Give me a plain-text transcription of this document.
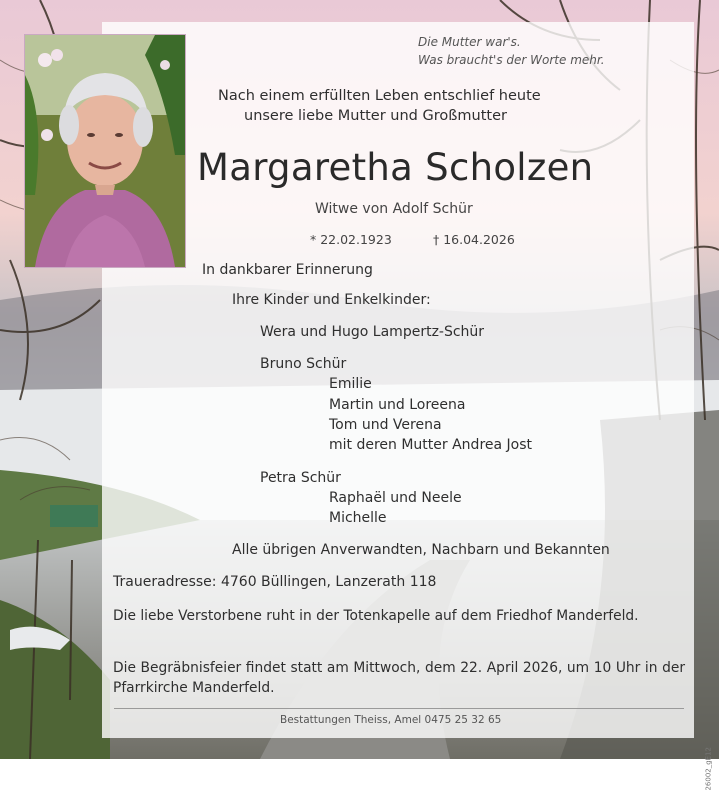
Die Mutter war's.
Was braucht's der Worte mehr.
Nach einem erfüllten Leben entschlief heute
unsere liebe Mutter und Großmutter
Margaretha Scholzen
Witwe von Adolf Schür
* 22.02.1923	† 16.04.2026
In dankbarer Erinnerung
Ihre Kinder und Enkelkinder:
Wera und Hugo Lampertz-Schür
Bruno Schür
Emilie
Martin und Loreena
Tom und Verena
mit deren Mutter Andrea Jost
Petra Schür
Raphaël und Neele
Michelle
Alle übrigen Anverwandten, Nachbarn und Bekannten
Traueradresse: 4760 Büllingen, Lanzerath 118
Die liebe Verstorbene ruht in der Totenkapelle auf dem Friedhof Manderfeld.
Die Begräbnisfeier findet statt am Mittwoch, dem 22. April 2026, um 10 Uhr in der Pfarrkirche Manderfeld.
Bestattungen Theiss, Amel 0475 25 32 65
26002_gE12
